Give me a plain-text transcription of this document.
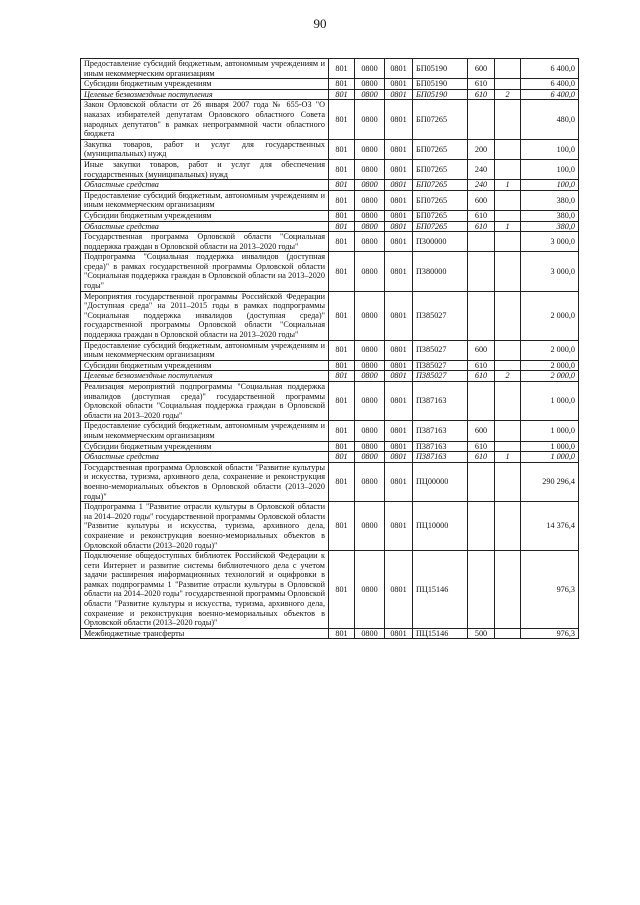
90
Предоставление субсидий бюджетным, автономным учреждениям и иным некоммерческим организациям	801	0800	0801	БП05190	600		6 400,0
Субсидии бюджетным учреждениям	801	0800	0801	БП05190	610		6 400,0
Целевые безвозмездные поступления	801	0800	0801	БП05190	610	2	6 400,0
Закон Орловской области от 26 января 2007 года № 655-ОЗ "О наказах избирателей депутатам Орловского областного Совета народных депутатов" в рамках непрограммной части областного бюджета	801	0800	0801	БП07265			480,0
Закупка товаров, работ и услуг для государственных (муниципальных) нужд	801	0800	0801	БП07265	200		100,0
Иные закупки товаров, работ и услуг для обеспечения государственных (муниципальных) нужд	801	0800	0801	БП07265	240		100,0
Областные средства	801	0800	0801	БП07265	240	1	100,0
Предоставление субсидий бюджетным, автономным учреждениям и иным некоммерческим организациям	801	0800	0801	БП07265	600		380,0
Субсидии бюджетным учреждениям	801	0800	0801	БП07265	610		380,0
Областные средства	801	0800	0801	БП07265	610	1	380,0
Государственная программа Орловской области "Социальная поддержка граждан в Орловской области на 2013–2020 годы"	801	0800	0801	П300000			3 000,0
Подпрограмма "Социальная поддержка инвалидов (доступная среда)" в рамках государственной программы Орловской области "Социальная поддержка граждан в Орловской области на 2013–2020 годы"	801	0800	0801	П380000			3 000,0
Мероприятия государственной программы Российской Федерации "Доступная среда" на 2011–2015 годы в рамках подпрограммы "Социальная поддержка инвалидов (доступная среда)" государственной программы Орловской области "Социальная поддержка граждан в Орловской области на 2013–2020 годы"	801	0800	0801	П385027			2 000,0
Предоставление субсидий бюджетным, автономным учреждениям и иным некоммерческим организациям	801	0800	0801	П385027	600		2 000,0
Субсидии бюджетным учреждениям	801	0800	0801	П385027	610		2 000,0
Целевые безвозмездные поступления	801	0800	0801	П385027	610	2	2 000,0
Реализация мероприятий подпрограммы "Социальная поддержка инвалидов (доступная среда)" государственной программы Орловской области "Социальная поддержка граждан в Орловской области на 2013–2020 годы"	801	0800	0801	П387163			1 000,0
Предоставление субсидий бюджетным, автономным учреждениям и иным некоммерческим организациям	801	0800	0801	П387163	600		1 000,0
Субсидии бюджетным учреждениям	801	0800	0801	П387163	610		1 000,0
Областные средства	801	0800	0801	П387163	610	1	1 000,0
Государственная программа Орловской области "Развитие культуры и искусства, туризма, архивного дела, сохранение и реконструкция военно-мемориальных объектов в Орловской области (2013–2020 годы)"	801	0800	0801	ПЦ00000			290 296,4
Подпрограмма 1 "Развитие отрасли культуры в Орловской области на 2014–2020 годы" государственной программы Орловской области "Развитие культуры и искусства, туризма, архивного дела, сохранение и реконструкция военно-мемориальных объектов в Орловской области (2013–2020 годы)"	801	0800	0801	ПЦ10000			14 376,4
Подключение общедоступных библиотек Российской Федерации к сети Интернет и развитие системы библиотечного дела с учетом задачи расширения информационных технологий и оцифровки в рамках подпрограммы 1 "Развитие отрасли культуры в Орловской области на 2014–2020 годы" государственной программы Орловской области "Развитие культуры и искусства, туризма, архивного дела, сохранение и реконструкция военно-мемориальных объектов в Орловской области (2013–2020 годы)"	801	0800	0801	ПЦ15146			976,3
Межбюджетные трансферты	801	0800	0801	ПЦ15146	500		976,3
